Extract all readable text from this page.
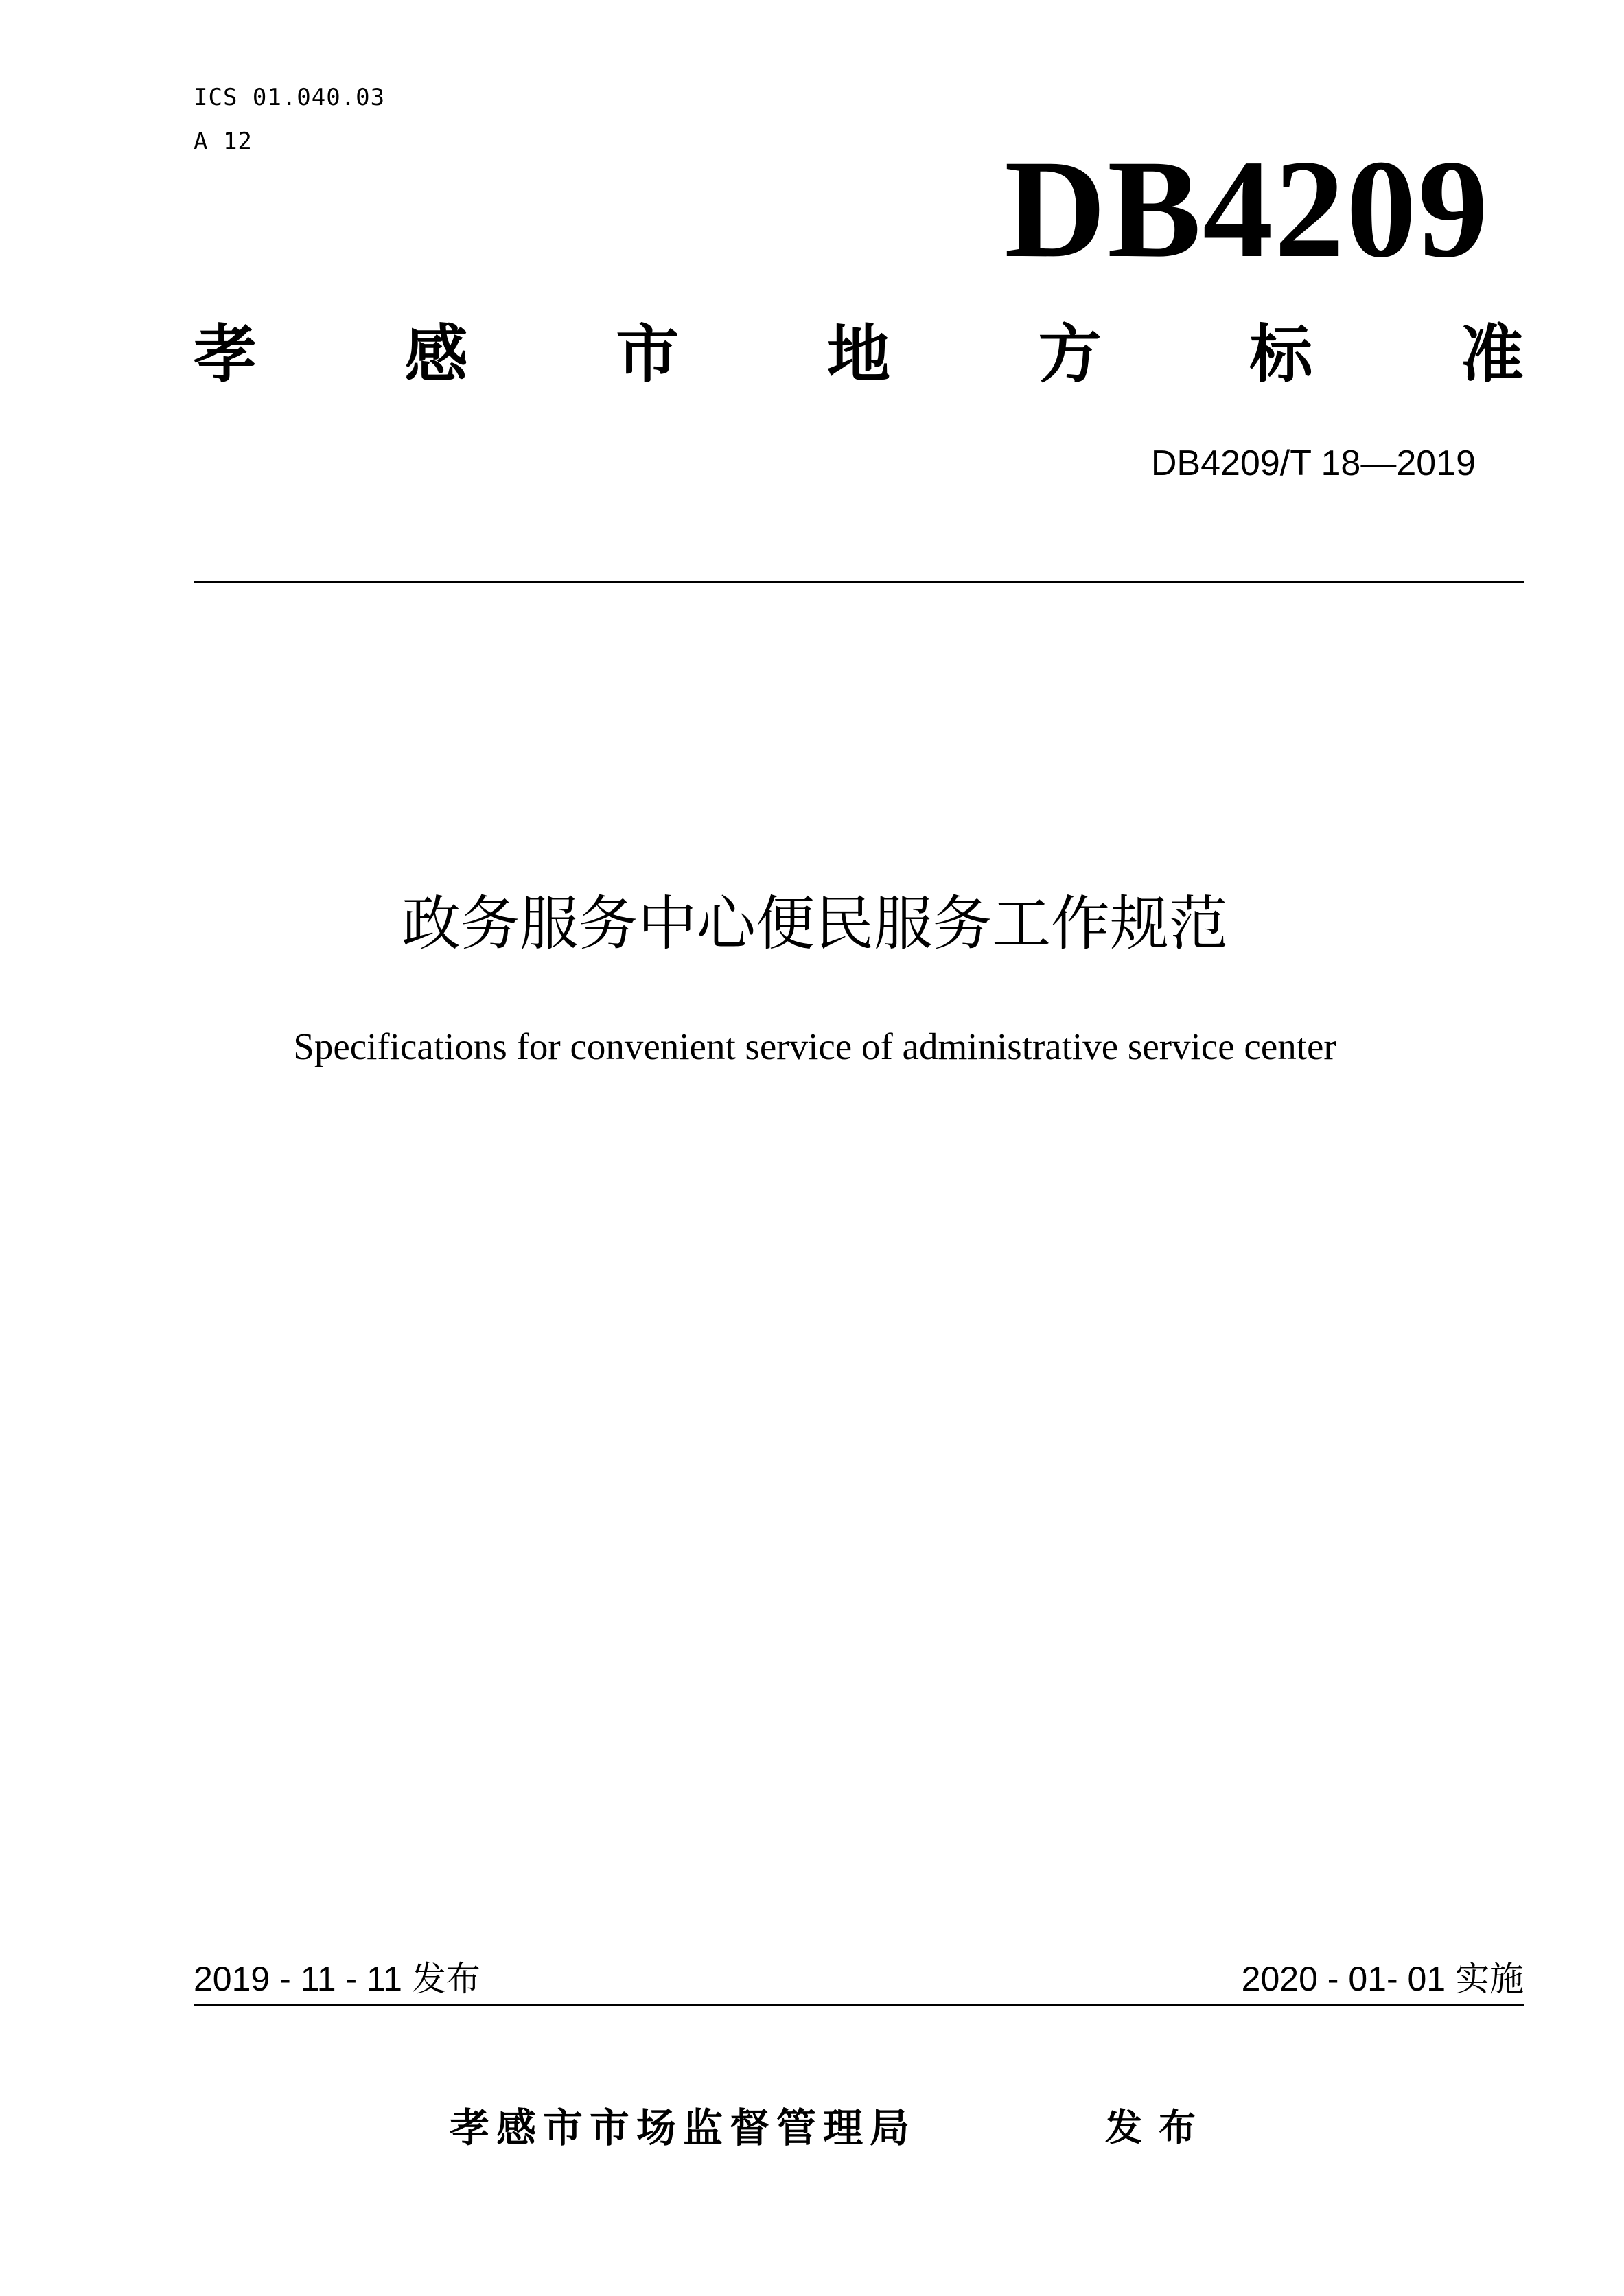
ICS 01.040.03
A 12	DB4209
孝 感 市 地 方 标 准
DB4209/T 18—2019
政务服务中心便民服务工作规范
Specifications for convenient service of administrative service center
2019 - 11 - 11 发布	2020 - 01- 01 实施
孝感市市场监督管理局	发布
